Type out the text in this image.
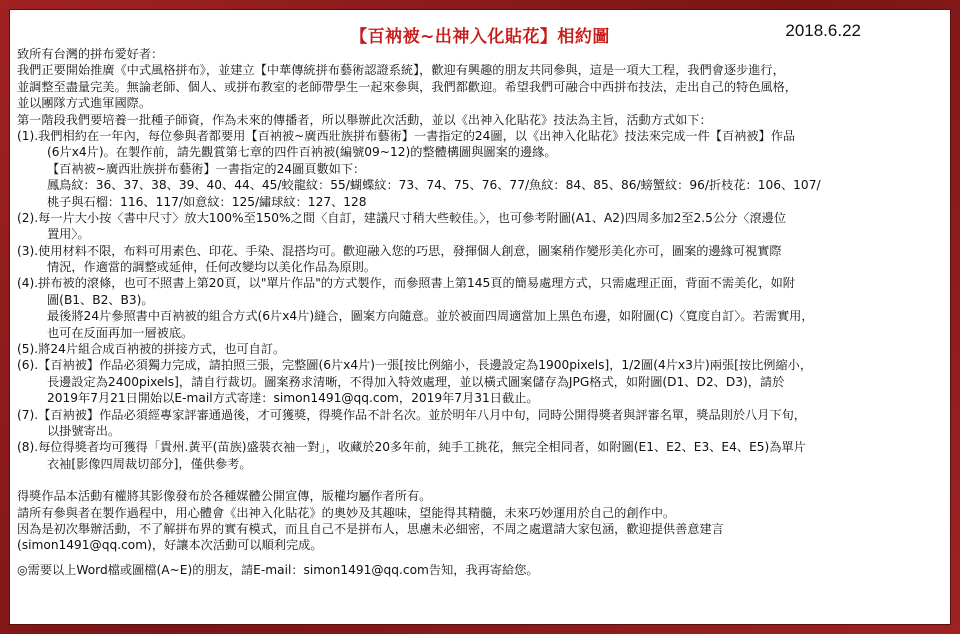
【百衲被~出神入化貼花】相約圖	2018.6.22
致所有台灣的拼布愛好者：
我們正要開始推廣《中式風格拼布》，並建立【中華傳統拼布藝術認證系統】，歡迎有興趣的朋友共同參與，這是一項大工程，我們會逐步進行，
並調整至盡量完美。無論老師、個人、或拼布教室的老師帶學生一起來參與，我們都歡迎。希望我們可融合中西拼布技法，走出自己的特色風格，
並以團隊方式進軍國際。
第一階段我們要培養一批種子師資，作為未來的傳播者，所以舉辦此次活動，並以《出神入化貼花》技法為主旨，活動方式如下：
(1).我們相約在一年內，每位參與者都要用【百衲被~廣西壯族拼布藝術】一書指定的24圖，以《出神入化貼花》技法來完成一件【百衲被】作品
(6片x4片)。在製作前，請先觀賞第七章的四件百衲被(編號09~12)的整體構圖與圖案的邊緣。
【百衲被~廣西壯族拼布藝術】一書指定的24圖頁數如下：
鳳鳥紋：36、37、38、39、40、44、45/蛟龍紋：55/蝴蝶紋：73、74、75、76、77/魚紋：84、85、86/螃蟹紋：96/折枝花：106、107/
桃子與石榴：116、117/如意紋：125/繡球紋：127、128
(2).每一片大小按〈書中尺寸〉放大100%至150%之間〈自訂，建議尺寸稍大些較佳。〉，也可參考附圖(A1、A2)四周多加2至2.5公分〈滾邊位
置用〉。
(3).使用材料不限，布料可用素色、印花、手染、混搭均可。歡迎融入您的巧思，發揮個人創意，圖案稍作變形美化亦可，圖案的邊緣可視實際
情況，作適當的調整或延伸，任何改變均以美化作品為原則。
(4).拼布被的滾條，也可不照書上第20頁，以"單片作品"的方式製作，而參照書上第145頁的簡易處理方式，只需處理正面，背面不需美化，如附
圖(B1、B2、B3)。
最後將24片參照書中百衲被的組合方式(6片x4片)縫合，圖案方向隨意。並於被面四周適當加上黑色布邊，如附圖(C)〈寬度自訂〉。若需實用，
也可在反面再加一層被底。
(5).將24片組合成百衲被的拼接方式，也可自訂。
(6).【百衲被】作品必須獨力完成，請拍照三張，完整圖(6片x4片)一張[按比例縮小，長邊設定為1900pixels]，1/2圖(4片x3片)兩張[按比例縮小，
長邊設定為2400pixels]，請自行裁切。圖案務求清晰，不得加入特效處理，並以橫式圖案儲存為JPG格式，如附圖(D1、D2、D3)，請於
2019年7月21日開始以E-mail方式寄達：simon1491@qq.com，2019年7月31日截止。
(7).【百衲被】作品必須經專家評審通過後，才可獲獎，得獎作品不計名次。並於明年八月中旬，同時公開得獎者與評審名單，獎品則於八月下旬，
以掛號寄出。
(8).每位得獎者均可獲得「貴州.黃平(苗族)盛裝衣袖一對」，收藏於20多年前，純手工挑花，無完全相同者，如附圖(E1、E2、E3、E4、E5)為單片
衣袖[影像四周裁切部分]，僅供參考。
得獎作品本活動有權將其影像發布於各種媒體公開宣傳，版權均屬作者所有。
請所有參與者在製作過程中，用心體會《出神入化貼花》的奧妙及其趣味，望能得其精髓，未來巧妙運用於自己的創作中。
因為是初次舉辦活動，不了解拼布界的實有模式，而且自己不是拼布人，思慮未必細密，不周之處還請大家包涵，歡迎提供善意建言
(simon1491@qq.com)，好讓本次活動可以順利完成。
◎需要以上Word檔或圖檔(A~E)的朋友，請E-mail：simon1491@qq.com告知，我再寄給您。
